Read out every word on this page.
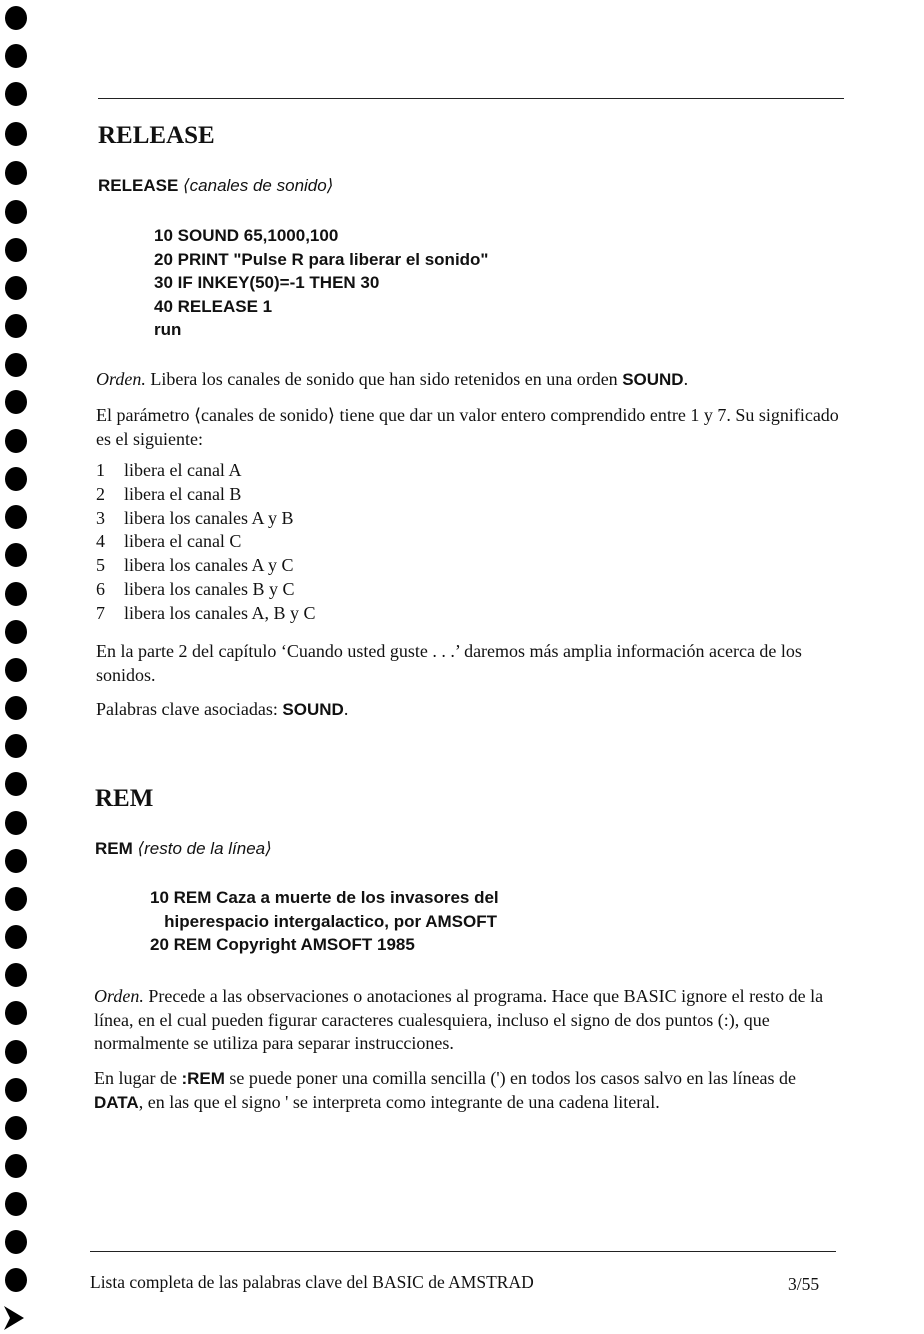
RELEASE
RELEASE ⟨canales de sonido⟩
10 SOUND 65,1000,100
20 PRINT "Pulse R para liberar el sonido"
30 IF INKEY(50)=-1 THEN 30
40 RELEASE 1
run

Orden. Libera los canales de sonido que han sido retenidos en una orden SOUND.

El parámetro ⟨canales de sonido⟩ tiene que dar un valor entero comprendido entre 1 y 7. Su significado es el siguiente:

1	libera el canal A
2	libera el canal B
3	libera los canales A y B
4	libera el canal C
5	libera los canales A y C
6	libera los canales B y C
7	libera los canales A, B y C

En la parte 2 del capítulo ‘Cuando usted guste . . .’ daremos más amplia información acerca de los sonidos.

Palabras clave asociadas: SOUND.

REM
REM ⟨resto de la línea⟩
10 REM Caza a muerte de los invasores del
hiperespacio intergalactico, por AMSOFT
20 REM Copyright AMSOFT 1985

Orden. Precede a las observaciones o anotaciones al programa. Hace que BASIC ignore el resto de la línea, en el cual pueden figurar caracteres cualesquiera, incluso el signo de dos puntos (:), que normalmente se utiliza para separar instrucciones.

En lugar de :REM se puede poner una comilla sencilla (') en todos los casos salvo en las líneas de DATA, en las que el signo ' se interpreta como integrante de una cadena literal.

Lista completa de las palabras clave del BASIC de AMSTRAD	3/55
